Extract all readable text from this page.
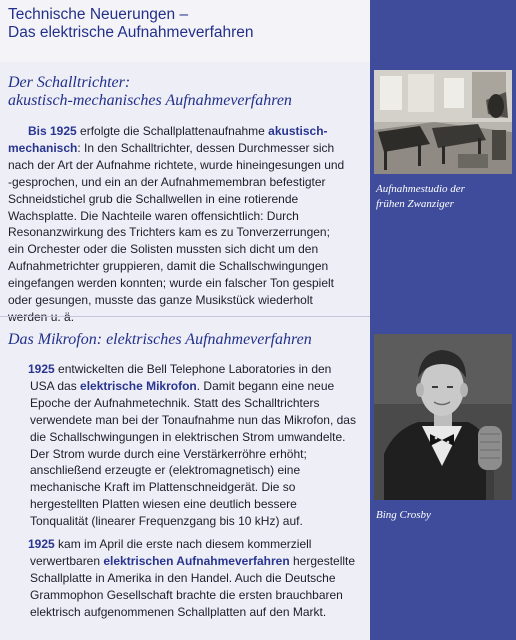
Technische Neuerungen –
Das elektrische Aufnahmeverfahren
Der Schalltrichter:
akustisch-mechanisches Aufnahmeverfahren

Bis 1925 erfolgte die Schallplattenaufnahme akustisch-mechanisch: In den Schalltrichter, dessen Durchmesser sich nach der Art der Aufnahme richtete, wurde hineingesungen und -gesprochen, und ein an der Aufnahmemembran befestigter Schneidstichel grub die Schallwellen in eine rotierende Wachsplatte. Die Nachteile waren offensichtlich: Durch Resonanzwirkung des Trichters kam es zu Tonverzerrungen; ein Orchester oder die Solisten mussten sich dicht um den Aufnahmetrichter gruppieren, damit die Schallschwingungen eingefangen werden konnten; wurde ein falscher Ton gespielt oder gesungen, musste das ganze Musikstück wiederholt

Das Mikrofon: elektrisches Aufnahmeverfahren

1925 entwickelten die Bell Telephone Laboratories in den USA das elektrische Mikrofon. Damit begann eine neue Epoche der Aufnahmetechnik. Statt des Schalltrichters verwendete man bei der Tonaufnahme nun das Mikrofon, das die Schallschwingungen in elektrischen Strom umwandelte. Der Strom wurde durch eine Verstärkerröhre erhöht; anschließend erzeugte er (elektromagnetisch) eine mechanische Kraft im Plattenschneidgerät. Die so hergestellten Platten wiesen eine deutlich bessere Tonqualität (linearer Frequenzgang bis 10 kHz) auf.

1925 kam im April die erste nach diesem kommerziell verwertbaren elektrischen Aufnahmeverfahren hergestellte Schallplatte in Amerika in den Handel. Auch die Deutsche Grammophon Gesellschaft brachte die ersten brauchbaren elektrisch aufgenommenen Schallplatten auf den Markt.

Aufnahmestudio der
frühen Zwanziger

Bing Crosby
